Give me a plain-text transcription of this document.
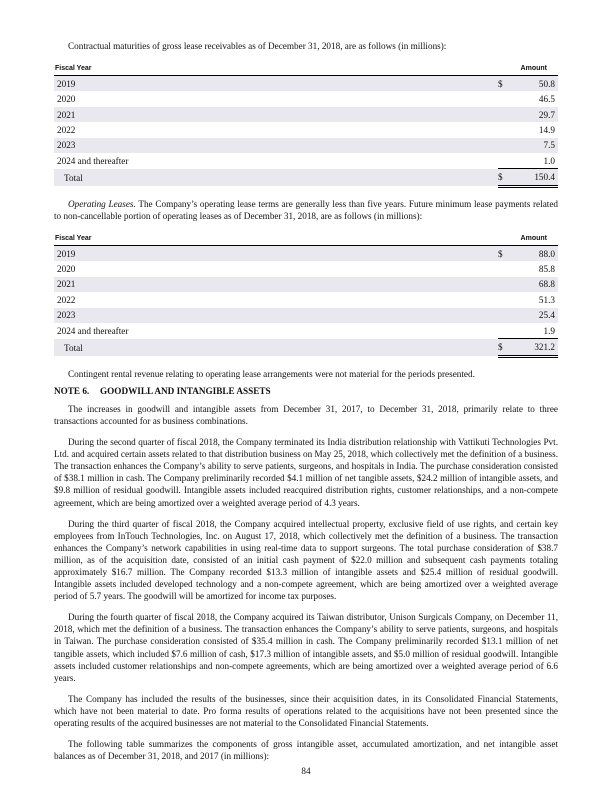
Contractual maturities of gross lease receivables as of December 31, 2018, are as follows (in millions):

Fiscal Year		Amount	
2019		$	50.8
2020			46.5
2021			29.7
2022			14.9
2023			7.5
2024 and thereafter			1.0
Total		$	150.4

Operating Leases. The Company’s operating lease terms are generally less than five years. Future minimum lease payments related to non-cancellable portion of operating leases as of December 31, 2018, are as follows (in millions):

Fiscal Year		Amount	
2019		$	88.0
2020			85.8
2021			68.8
2022			51.3
2023			25.4
2024 and thereafter			1.9
Total		$	321.2

Contingent rental revenue relating to operating lease arrangements were not material for the periods presented.

NOTE 6. GOODWILL AND INTANGIBLE ASSETS

The increases in goodwill and intangible assets from December 31, 2017, to December 31, 2018, primarily relate to three transactions accounted for as business combinations.

During the second quarter of fiscal 2018, the Company terminated its India distribution relationship with Vattikuti Technologies Pvt. Ltd. and acquired certain assets related to that distribution business on May 25, 2018, which collectively met the definition of a business. The transaction enhances the Company’s ability to serve patients, surgeons, and hospitals in India. The purchase consideration consisted of $38.1 million in cash. The Company preliminarily recorded $4.1 million of net tangible assets, $24.2 million of intangible assets, and $9.8 million of residual goodwill. Intangible assets included reacquired distribution rights, customer relationships, and a non-compete agreement, which are being amortized over a weighted average period of 4.3 years.

During the third quarter of fiscal 2018, the Company acquired intellectual property, exclusive field of use rights, and certain key employees from InTouch Technologies, Inc. on August 17, 2018, which collectively met the definition of a business. The transaction enhances the Company’s network capabilities in using real-time data to support surgeons. The total purchase consideration of $38.7 million, as of the acquisition date, consisted of an initial cash payment of $22.0 million and subsequent cash payments totaling approximately $16.7 million. The Company recorded $13.3 million of intangible assets and $25.4 million of residual goodwill. Intangible assets included developed technology and a non-compete agreement, which are being amortized over a weighted average period of 5.7 years. The goodwill will be amortized for income tax purposes.

During the fourth quarter of fiscal 2018, the Company acquired its Taiwan distributor, Unison Surgicals Company, on December 11, 2018, which met the definition of a business. The transaction enhances the Company’s ability to serve patients, surgeons, and hospitals in Taiwan. The purchase consideration consisted of $35.4 million in cash. The Company preliminarily recorded $13.1 million of net tangible assets, which included $7.6 million of cash, $17.3 million of intangible assets, and $5.0 million of residual goodwill. Intangible assets included customer relationships and non-compete agreements, which are being amortized over a weighted average period of 6.6 years.

The Company has included the results of the businesses, since their acquisition dates, in its Consolidated Financial Statements, which have not been material to date. Pro forma results of operations related to the acquisitions have not been presented since the operating results of the acquired businesses are not material to the Consolidated Financial Statements.

The following table summarizes the components of gross intangible asset, accumulated amortization, and net intangible asset balances as of December 31, 2018, and 2017 (in millions):

84
